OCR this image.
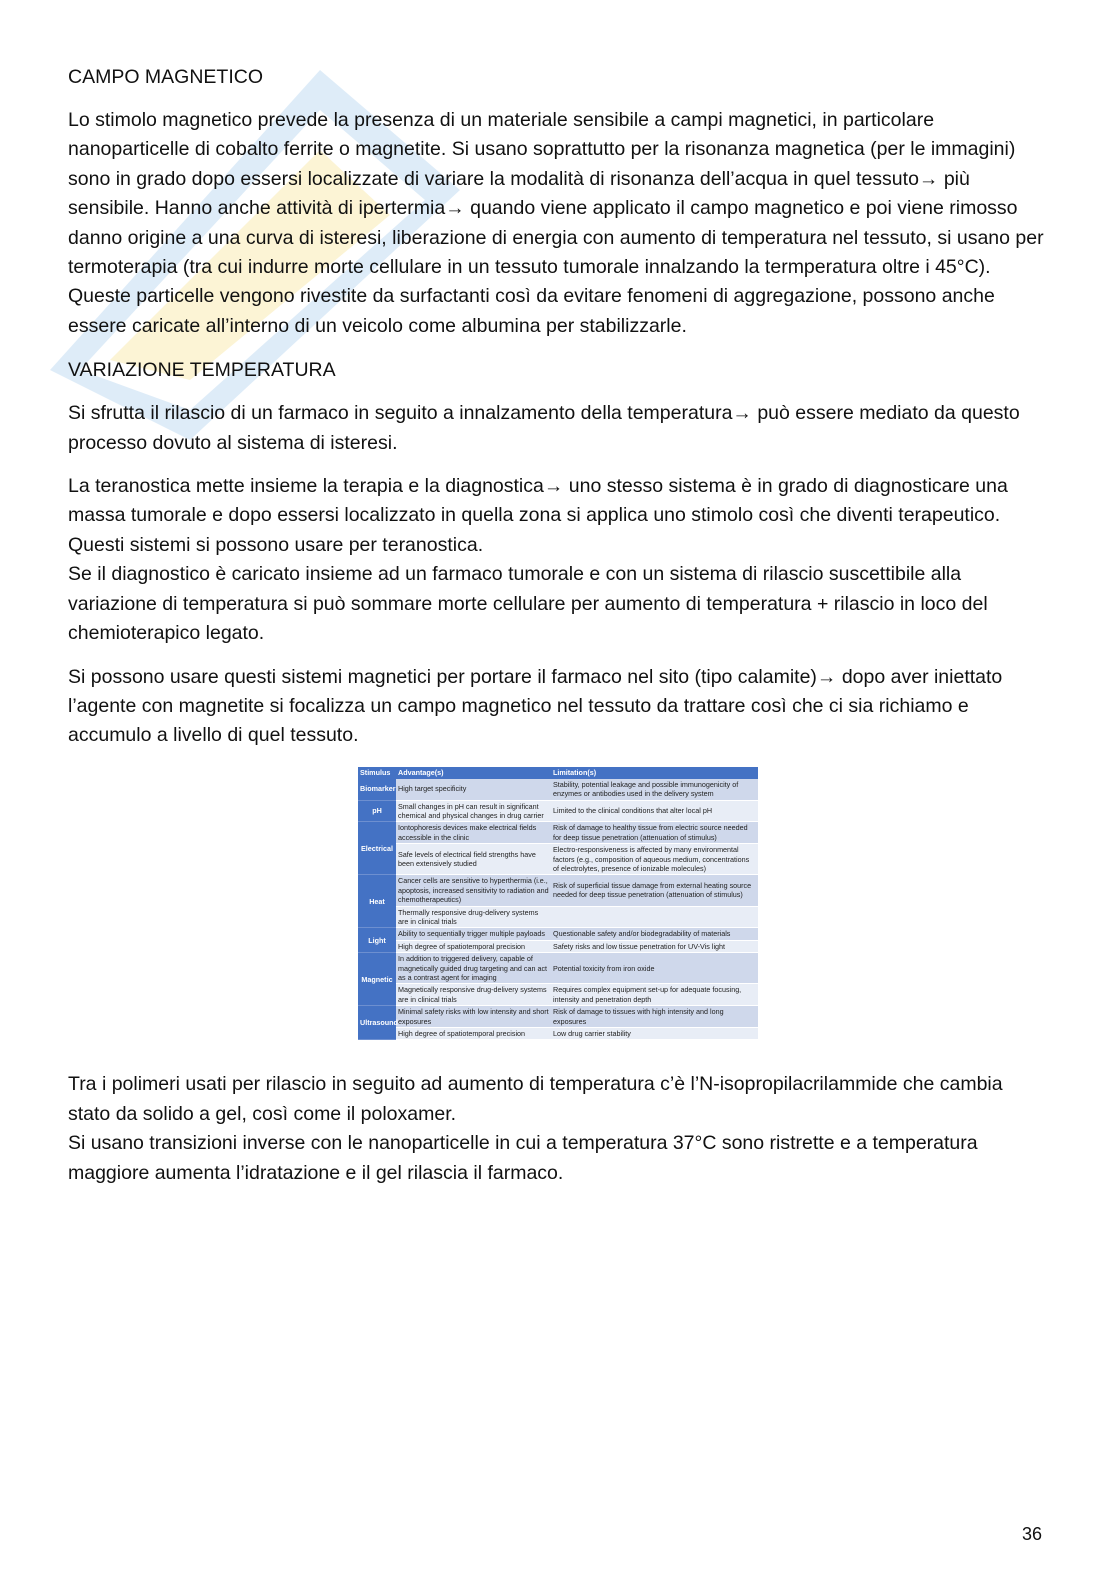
CAMPO MAGNETICO

Lo stimolo magnetico prevede la presenza di un materiale sensibile a campi magnetici, in particolare nanoparticelle di cobalto ferrite o magnetite. Si usano soprattutto per la risonanza magnetica (per le immagini) sono in grado dopo essersi localizzate di variare la modalità di risonanza dell’acqua in quel tessuto→ più sensibile. Hanno anche attività di ipertermia→ quando viene applicato il campo magnetico e poi viene rimosso danno origine a una curva di isteresi, liberazione di energia con aumento di temperatura nel tessuto, si usano per termoterapia (tra cui indurre morte cellulare in un tessuto tumorale innalzando la termperatura oltre i 45°C). Queste particelle vengono rivestite da surfactanti così da evitare fenomeni di aggregazione, possono anche essere caricate all’interno di un veicolo come albumina per stabilizzarle.

VARIAZIONE TEMPERATURA

Si sfrutta il rilascio di un farmaco in seguito a innalzamento della temperatura→ può essere mediato da questo processo dovuto al sistema di isteresi.

La teranostica mette insieme la terapia e la diagnostica→ uno stesso sistema è in grado di diagnosticare una massa tumorale e dopo essersi localizzato in quella zona si applica uno stimolo così che diventi terapeutico. Questi sistemi si possono usare per teranostica.

Se il diagnostico è caricato insieme ad un farmaco tumorale e con un sistema di rilascio suscettibile alla variazione di temperatura si può sommare morte cellulare per aumento di temperatura + rilascio in loco del chemioterapico legato.

Si possono usare questi sistemi magnetici per portare il farmaco nel sito (tipo calamite)→ dopo aver iniettato l’agente con magnetite si focalizza un campo magnetico nel tessuto da trattare così che ci sia richiamo e accumulo a livello di quel tessuto.

Stimulus	Advantage(s)	Limitation(s)
Biomarker	High target specificity	Stability, potential leakage and possible immunogenicity of enzymes or antibodies used in the delivery system
pH	Small changes in pH can result in significant chemical and physical changes in drug carrier	Limited to the clinical conditions that alter local pH
Electrical	Iontophoresis devices make electrical fields accessible in the clinic	Risk of damage to healthy tissue from electric source needed for deep tissue penetration (attenuation of stimulus)
	Safe levels of electrical field strengths have been extensively studied	Electro-responsiveness is affected by many environmental factors (e.g., composition of aqueous medium, concentrations of electrolytes, presence of ionizable molecules)
Heat	Cancer cells are sensitive to hyperthermia (i.e., apoptosis, increased sensitivity to radiation and chemotherapeutics)	Risk of superficial tissue damage from external heating source needed for deep tissue penetration (attenuation of stimulus)
	Thermally responsive drug-delivery systems are in clinical trials	
Light	Ability to sequentially trigger multiple payloads	Questionable safety and/or biodegradability of materials
	High degree of spatiotemporal precision	Safety risks and low tissue penetration for UV-Vis light
Magnetic	In addition to triggered delivery, capable of magnetically guided drug targeting and can act as a contrast agent for imaging	Potential toxicity from iron oxide
	Magnetically responsive drug-delivery systems are in clinical trials	Requires complex equipment set-up for adequate focusing, intensity and penetration depth
Ultrasound	Minimal safety risks with low intensity and short exposures	Risk of damage to tissues with high intensity and long exposures
	High degree of spatiotemporal precision	Low drug carrier stability

Tra i polimeri usati per rilascio in seguito ad aumento di temperatura c’è l’N-isopropilacrilammide che cambia stato da solido a gel, così come il poloxamer.

Si usano transizioni inverse con le nanoparticelle in cui a temperatura 37°C sono ristrette e a temperatura maggiore aumenta l’idratazione e il gel rilascia il farmaco.

36
